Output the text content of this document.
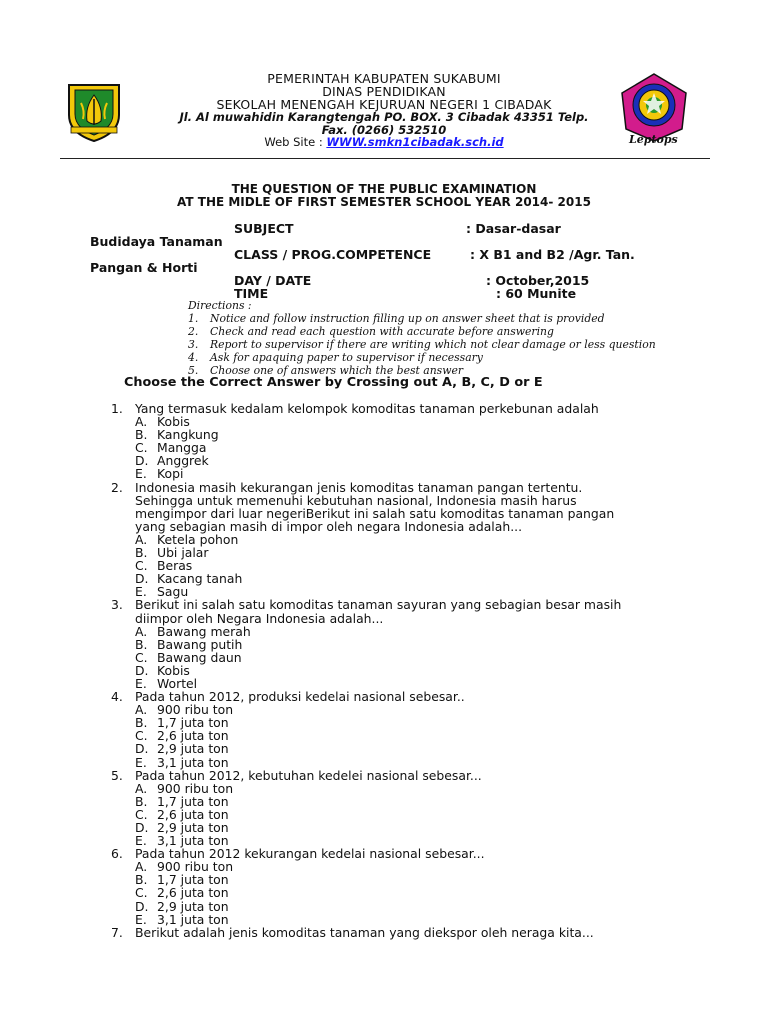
Leptops
PEMERINTAH KABUPATEN SUKABUMI
DINAS PENDIDIKAN
SEKOLAH MENENGAH KEJURUAN NEGERI 1 CIBADAK
Jl. Al muwahidin Karangtengah PO. BOX. 3 Cibadak 43351 Telp.
Fax. (0266) 532510
Web Site : WWW.smkn1cibadak.sch.id
THE QUESTION OF THE PUBLIC EXAMINATION
AT THE MIDLE OF FIRST SEMESTER SCHOOL YEAR 2014- 2015
SUBJECT	: Dasar-dasar
Budidaya Tanaman
CLASS / PROG.COMPETENCE	: X B1 and B2 /Agr. Tan.
Pangan & Horti
DAY / DATE	: October,2015
TIME	: 60 Munite
Directions :
1. Notice and follow instruction filling up on answer sheet that is provided
2. Check and read each question with accurate before answering
3. Report to supervisor if there are writing which not clear damage or less question
4. Ask for apaquing paper to supervisor if necessary
5. Choose one of answers which the best answer
Choose the Correct Answer by Crossing out A, B, C, D or E
1. Yang termasuk kedalam kelompok komoditas tanaman perkebunan adalah
A. Kobis
B. Kangkung
C. Mangga
D. Anggrek
E. Kopi
2. Indonesia masih kekurangan jenis komoditas tanaman pangan tertentu.
Sehingga untuk memenuhi kebutuhan nasional, Indonesia masih harus
mengimpor dari luar negeriBerikut ini salah satu komoditas tanaman pangan
yang sebagian masih di impor oleh negara Indonesia adalah...
A. Ketela pohon
B. Ubi jalar
C. Beras
D. Kacang tanah
E. Sagu
3. Berikut ini salah satu komoditas tanaman sayuran yang sebagian besar masih
diimpor oleh Negara Indonesia adalah...
A. Bawang merah
B. Bawang putih
C. Bawang daun
D. Kobis
E. Wortel
4. Pada tahun 2012, produksi kedelai nasional sebesar..
A. 900 ribu ton
B. 1,7 juta ton
C. 2,6 juta ton
D. 2,9 juta ton
E. 3,1 juta ton
5. Pada tahun 2012, kebutuhan kedelei nasional sebesar...
A. 900 ribu ton
B. 1,7 juta ton
C. 2,6 juta ton
D. 2,9 juta ton
E. 3,1 juta ton
6. Pada tahun 2012 kekurangan kedelai nasional sebesar...
A. 900 ribu ton
B. 1,7 juta ton
C. 2,6 juta ton
D. 2,9 juta ton
E. 3,1 juta ton
7. Berikut adalah jenis komoditas tanaman yang diekspor oleh neraga kita...
